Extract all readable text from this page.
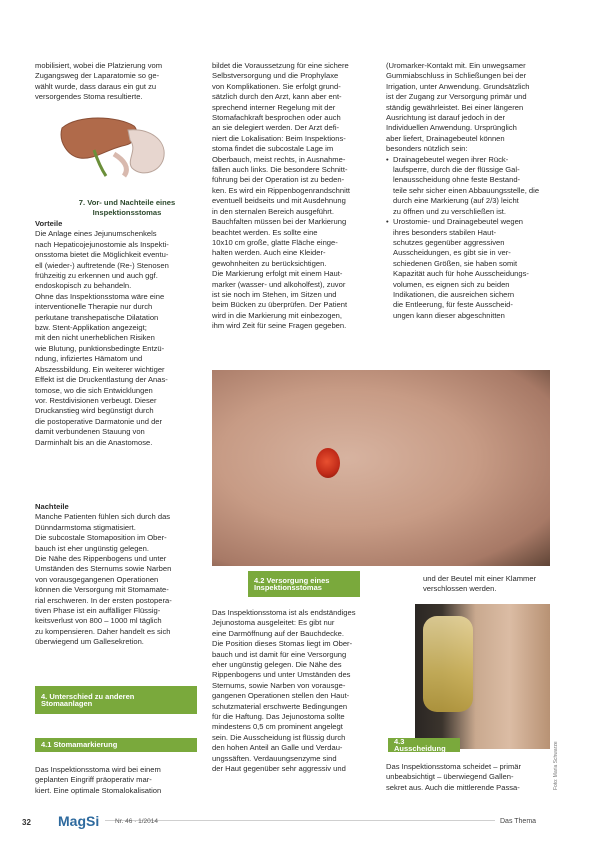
mobilisiert, wobei die Platzierung vom
Zugangsweg der Laparatomie so ge-
wählt wurde, dass daraus ein gut zu
versorgendes Stoma resultierte.

7. Vor- und Nachteile eines
Inspektionsstomas

Vorteile

Die Anlage eines Jejunumschenkels
nach Hepaticojejunostomie als Inspekti-
onsstoma bietet die Möglichkeit eventu-
ell (wieder-) auftretende (Re-) Stenosen
frühzeitig zu erkennen und auch ggf.
endoskopisch zu behandeln.
Ohne das Inspektionsstoma wäre eine
interventionelle Therapie nur durch
perkutane transhepatische Dilatation
bzw. Stent-Applikation angezeigt;
mit den nicht unerheblichen Risiken
wie Blutung, punktionsbedingte Entzü-
ndung, infiziertes Hämatom und
Abszessbildung. Ein weiterer wichtiger
Effekt ist die Druckentlastung der Anas-
tomose, wo die sich Entwicklungen
vor. Restdivisionen verbeugt. Dieser
Druckanstieg wird begünstigt durch
die postoperative Darmatonie und der
damit verbundenen Stauung von
Darminhalt bis an die Anastomose.

Nachteile

Manche Patienten fühlen sich durch das
Dünndarmstoma stigmatisiert.
Die subcostale Stomaposition im Ober-
bauch ist eher ungünstig gelegen.
Die Nähe des Rippenbogens und unter
Umständen des Sternums sowie Narben
von vorausgegangenen Operationen
können die Versorgung mit Stomamate-
rial erschweren. In der ersten postopera-
tiven Phase ist ein auffälliger Flüssig-
keitsverlust von 800 – 1000 ml täglich
zu kompensieren. Daher handelt es sich
überwiegend um Gallesekretion.

4. Unterschied zu anderen
Stomaanlagen
4.1 Stomamarkierung

Das Inspektionsstoma wird bei einem
geplanten Eingriff präoperativ mar-
kiert. Eine optimale Stomalokalisation

bildet die Voraussetzung für eine sichere
Selbstversorgung und die Prophylaxe
von Komplikationen. Sie erfolgt grund-
sätzlich durch den Arzt, kann aber ent-
sprechend interner Regelung mit der
Stomafachkraft besprochen oder auch
an sie delegiert werden. Der Arzt defi-
niert die Lokalisation: Beim Inspektions-
stoma findet die subcostale Lage im
Oberbauch, meist rechts, in Ausnahme-
fällen auch links. Die besondere Schnitt-
führung bei der Operation ist zu beden-
ken. Es wird ein Rippenbogenrandschnitt
eventuell beidseits und mit Ausdehnung
in den sternalen Bereich ausgeführt.
Bauchfalten müssen bei der Markierung
beachtet werden. Es sollte eine
10x10 cm große, glatte Fläche einge-
halten werden. Auch eine Kleider-
gewohnheiten zu berücksichtigen.
Die Markierung erfolgt mit einem Haut-
marker (wasser- und alkoholfest), zuvor
ist sie noch im Stehen, im Sitzen und
beim Bücken zu überprüfen. Der Patient
wird in die Markierung mit einbezogen,
ihm wird Zeit für seine Fragen gegeben.

(Uromarker-Kontakt mit. Ein unwegsamer
Gummiabschluss in Schließungen bei der
Irrigation, unter Anwendung. Grundsätzlich
ist der Zugang zur Versorgung primär und
ständig gewährleistet. Bei einer längeren
Ausrichtung ist darauf jedoch in der
Individuellen Anwendung. Ursprünglich
aber liefert, Drainagebeutel können
besonders nützlich sein:

• Drainagebeutel wegen ihrer Rück-
laufsperre, durch die der flüssige Gal-
lenausscheidung ohne feste Bestand-
teile sehr sicher einen Abbauungsstelle, die
durch eine Markierung (auf 2/3) leicht
zu öffnen und zu verschließen ist.
• Urostomie- und Drainagebeutel wegen
ihres besonders stabilen Haut-
schutzes gegenüber aggressiven
Ausscheidungen, es gibt sie in ver-
schiedenen Größen, sie haben somit
Kapazität auch für hohe Ausscheidungs-
volumen, es eignen sich zu beiden
Indikationen, die ausreichen sichern
die Entleerung, für feste Ausscheid-
ungen kann dieser abgeschnitten
4.2 Versorgung eines
Inspektionsstomas

Das Inspektionsstoma ist als endständiges
Jejunostoma ausgeleitet: Es gibt nur
eine Darmöffnung auf der Bauchdecke.
Die Position dieses Stomas liegt im Ober-
bauch und ist damit für eine Versorgung
eher ungünstig gelegen. Die Nähe des
Rippenbogens und unter Umständen des
Sternums, sowie Narben von vorausge-
gangenen Operationen stellen den Haut-
schutzmaterial erschwerte Bedingungen
für die Haftung. Das Jejunostoma sollte
mindestens 0,5 cm prominent angelegt
sein. Die Ausscheidung ist flüssig durch
den hohen Anteil an Galle und Verdau-
ungssäften. Verdauungsenzyme sind
der Haut gegenüber sehr aggressiv und

und der Beutel mit einer Klammer
verschlossen werden.

Foto: Maria Schwarze
4.3 Ausscheidung

Das Inspektionsstoma scheidet – primär
unbeabsichtigt – überwiegend Gallen-
sekret aus. Auch die mittlerende Passa-

32 MagSi Nr. 46 · 1/2014	Das Thema
